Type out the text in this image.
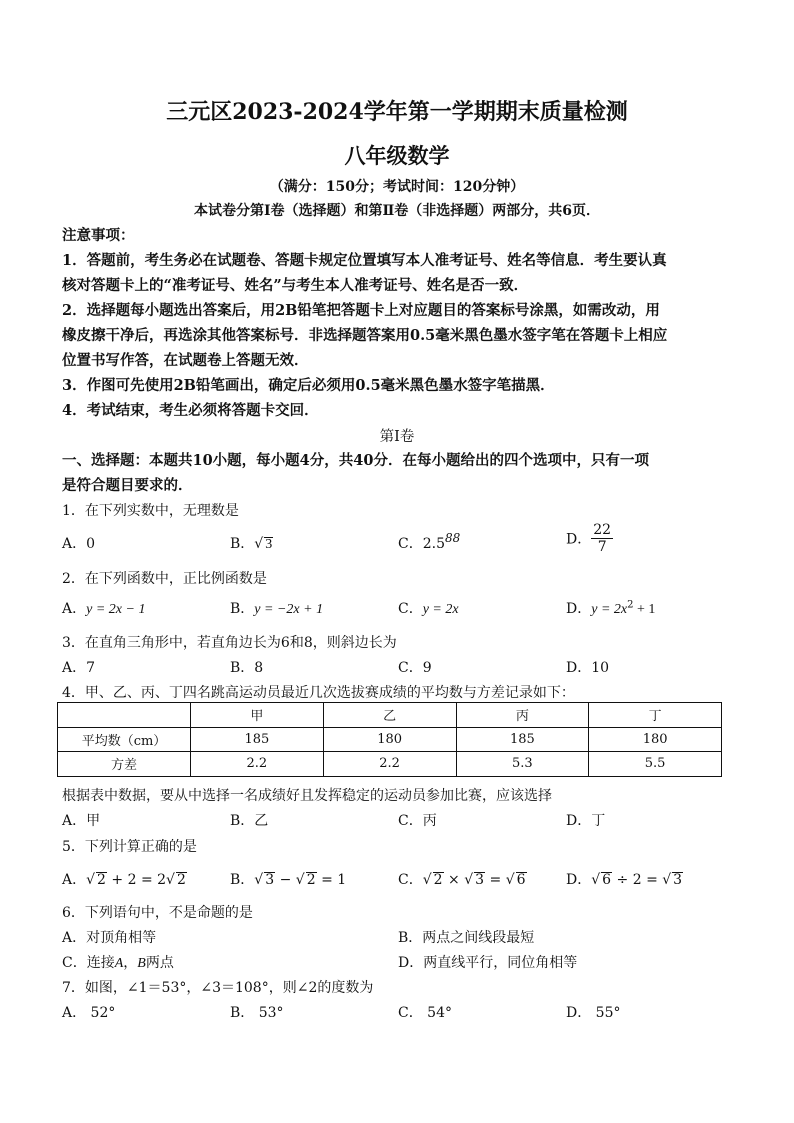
三元区2023-2024学年第一学期期末质量检测
八年级数学
（满分：150分；考试时间：120分钟）
本试卷分第Ⅰ卷（选择题）和第Ⅱ卷（非选择题）两部分，共6页．
注意事项：
1．答题前，考生务必在试题卷、答题卡规定位置填写本人准考证号、姓名等信息．考生要认真
核对答题卡上的“准考证号、姓名”与考生本人准考证号、姓名是否一致．
2．选择题每小题选出答案后，用2B铅笔把答题卡上对应题目的答案标号涂黑，如需改动，用
橡皮擦干净后，再选涂其他答案标号．非选择题答案用0.5毫米黑色墨水签字笔在答题卡上相应
位置书写作答，在试题卷上答题无效．
3．作图可先使用2B铅笔画出，确定后必须用0.5毫米黑色墨水签字笔描黑．
4．考试结束，考生必须将答题卡交回．
第Ⅰ卷
一、选择题：本题共10小题，每小题4分，共40分．在每小题给出的四个选项中，只有一项
是符合题目要求的．
1．在下列实数中，无理数是
A．0	B．√ 3	C．2.588	D． $\frac{22}{7}$
2．在下列函数中，正比例函数是
A．y = 2x − 1	B．y = −2x + 1	C．y = 2x	D．$y = 2x^2 + 1$
3．在直角三角形中，若直角边长为6和8，则斜边长为
A．7	B．8	C．9	D．10
4．甲、乙、丙、丁四名跳高运动员最近几次选拔赛成绩的平均数与方差记录如下：
	甲	乙	丙	丁
平均数（cm）	185	180	185	180
方差	2.2	2.2	5.3	5.5
根据表中数据，要从中选择一名成绩好且发挥稳定的运动员参加比赛，应该选择
A．甲	B．乙	C．丙	D．丁
5．下列计算正确的是
A．√ 2 + 2 = 2√ 2	B．√ 3 − √ 2 = 1	C．√ 2 × √ 3 = √ 6	D．√ 6 ÷ 2 = √ 3
6．下列语句中，不是命题的是
A．对顶角相等	B．两点之间线段最短
C．连接A，B两点	D．两直线平行，同位角相等
7．如图，∠1＝53°，∠3＝108°，则∠2的度数为
A． 52°	B． 53°	C． 54°	D． 55°
